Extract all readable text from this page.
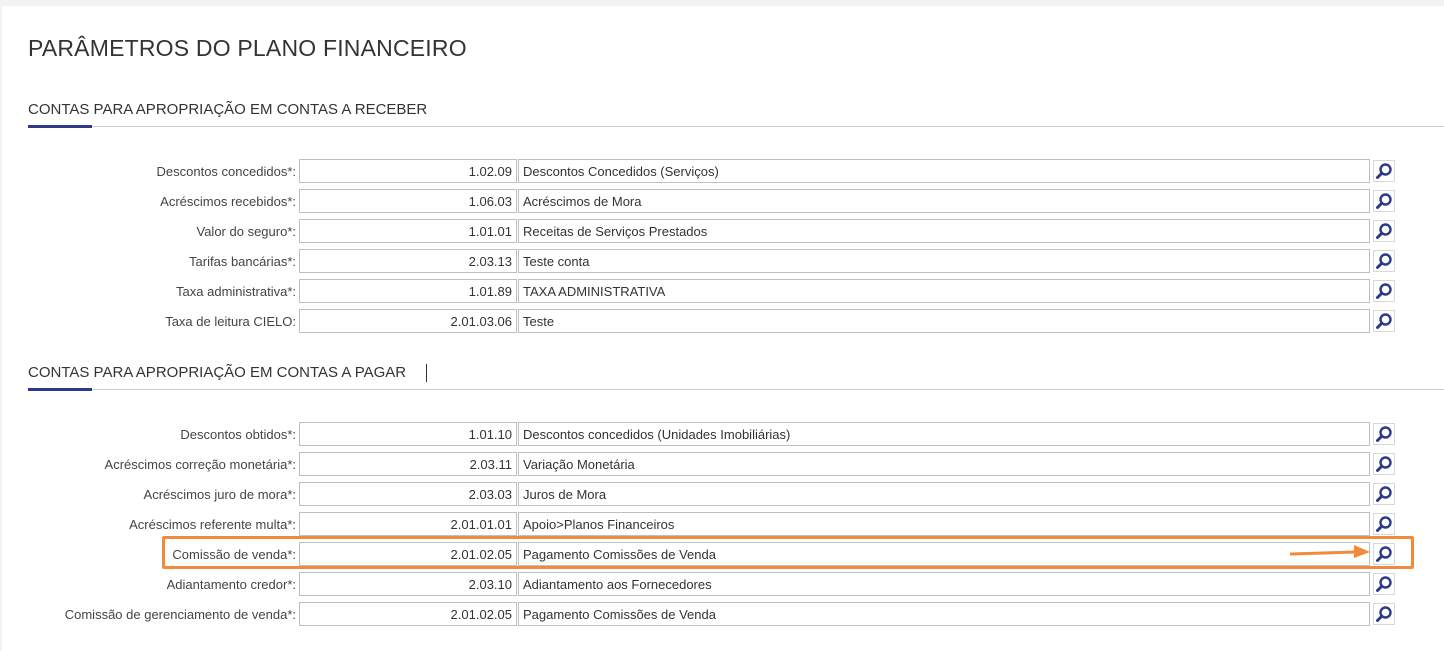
PARÂMETROS DO PLANO FINANCEIRO
CONTAS PARA APROPRIAÇÃO EM CONTAS A RECEBER
Descontos concedidos*:	1.02.09 Descontos Concedidos (Serviços)
Acréscimos recebidos*:	1.06.03 Acréscimos de Mora
Valor do seguro*:	1.01.01 Receitas de Serviços Prestados
Tarifas bancárias*:	2.03.13 Teste conta
Taxa administrativa*:	1.01.89 TAXA ADMINISTRATIVA
Taxa de leitura CIELO:	2.01.03.06 Teste
CONTAS PARA APROPRIAÇÃO EM CONTAS A PAGAR
Descontos obtidos*:	1.01.10 Descontos concedidos (Unidades Imobiliárias)
Acréscimos correção monetária*:	2.03.11 Variação Monetária
Acréscimos juro de mora*:	2.03.03 Juros de Mora
Acréscimos referente multa*:	2.01.01.01 Apoio>Planos Financeiros
Comissão de venda*:	2.01.02.05 Pagamento Comissões de Venda
Adiantamento credor*:	2.03.10 Adiantamento aos Fornecedores
Comissão de gerenciamento de venda*:	2.01.02.05 Pagamento Comissões de Venda
